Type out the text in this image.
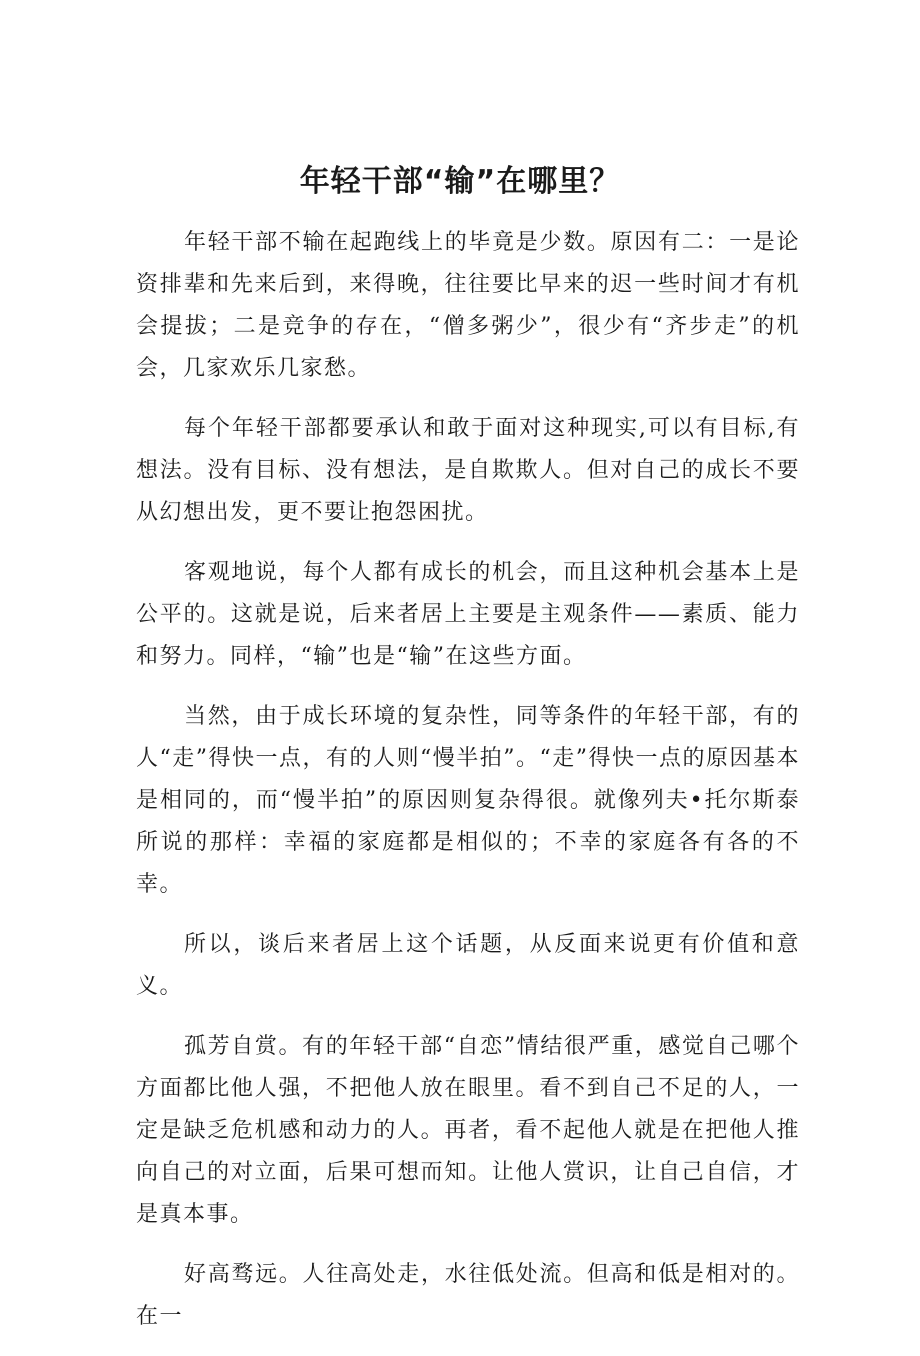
年轻干部“输”在哪里？

年轻干部不输在起跑线上的毕竟是少数。原因有二：一是论资排辈和先来后到，来得晚，往往要比早来的迟一些时间才有机会提拔；二是竞争的存在，“僧多粥少”，很少有“齐步走”的机会，几家欢乐几家愁。

每个年轻干部都要承认和敢于面对这种现实,可以有目标,有想法。没有目标、没有想法，是自欺欺人。但对自己的成长不要从幻想出发，更不要让抱怨困扰。

客观地说，每个人都有成长的机会，而且这种机会基本上是公平的。这就是说，后来者居上主要是主观条件——素质、能力和努力。同样，“输”也是“输”在这些方面。

当然，由于成长环境的复杂性，同等条件的年轻干部，有的人“走”得快一点，有的人则“慢半拍”。“走”得快一点的原因基本是相同的，而“慢半拍”的原因则复杂得很。就像列夫•托尔斯泰所说的那样：幸福的家庭都是相似的；不幸的家庭各有各的不幸。

所以，谈后来者居上这个话题，从反面来说更有价值和意义。

孤芳自赏。有的年轻干部“自恋”情结很严重，感觉自己哪个方面都比他人强，不把他人放在眼里。看不到自己不足的人，一定是缺乏危机感和动力的人。再者，看不起他人就是在把他人推向自己的对立面，后果可想而知。让他人赏识，让自己自信，才是真本事。

好高骛远。人往高处走，水往低处流。但高和低是相对的。在一
